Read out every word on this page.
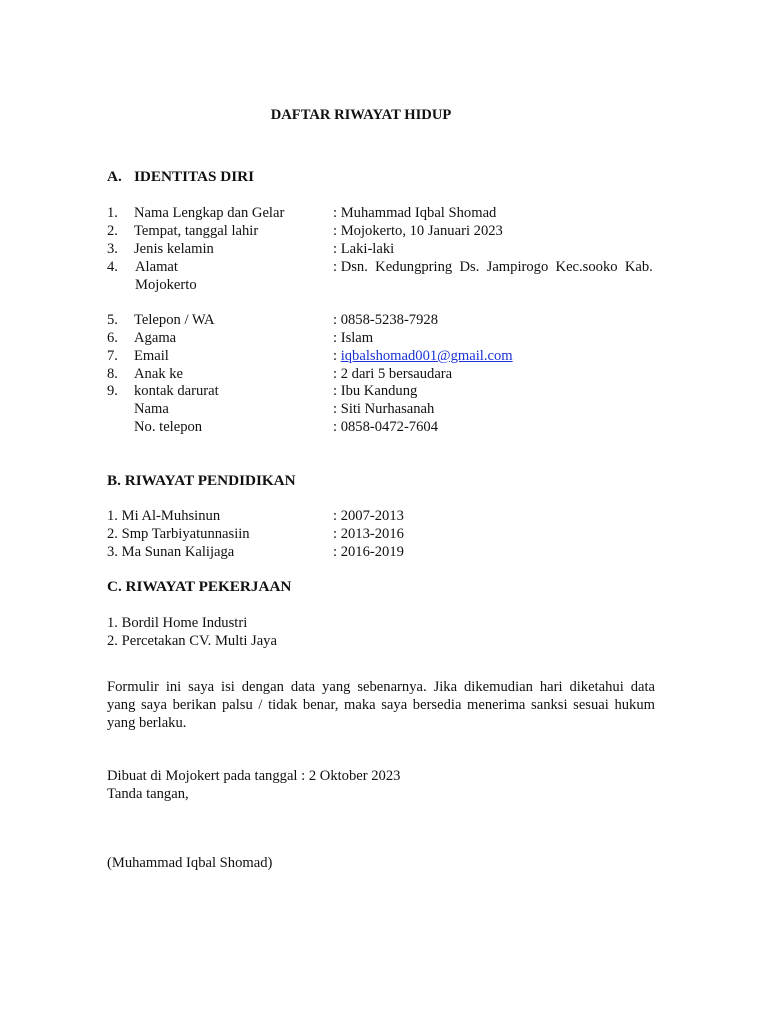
DAFTAR RIWAYAT HIDUP
A. IDENTITAS DIRI
1. Nama Lengkap dan Gelar	: Muhammad Iqbal Shomad
2. Tempat, tanggal lahir	: Mojokerto, 10 Januari 2023
3. Jenis kelamin	: Laki-laki
4. Alamat	: Dsn.  Kedungpring  Ds.  Jampirogo  Kec.sooko  Kab.
Mojokerto
5. Telepon / WA	: 0858-5238-7928
6. Agama	: Islam
7. Email	: iqbalshomad001@gmail.com
8. Anak ke	: 2 dari 5 bersaudara
9. kontak darurat	: Ibu Kandung
Nama	: Siti Nurhasanah
No. telepon	: 0858-0472-7604
B. RIWAYAT PENDIDIKAN
1. Mi Al-Muhsinun	: 2007-2013
2. Smp Tarbiyatunnasiin	: 2013-2016
3. Ma Sunan Kalijaga	: 2016-2019
C. RIWAYAT PEKERJAAN
1. Bordil Home Industri
2. Percetakan CV. Multi Jaya
Formulir ini saya isi dengan data yang sebenarnya. Jika dikemudian hari diketahui data
yang saya berikan palsu / tidak benar, maka saya bersedia menerima sanksi sesuai hukum
yang berlaku.
Dibuat di Mojokert pada tanggal : 2 Oktober 2023
Tanda tangan,
(Muhammad Iqbal Shomad)
